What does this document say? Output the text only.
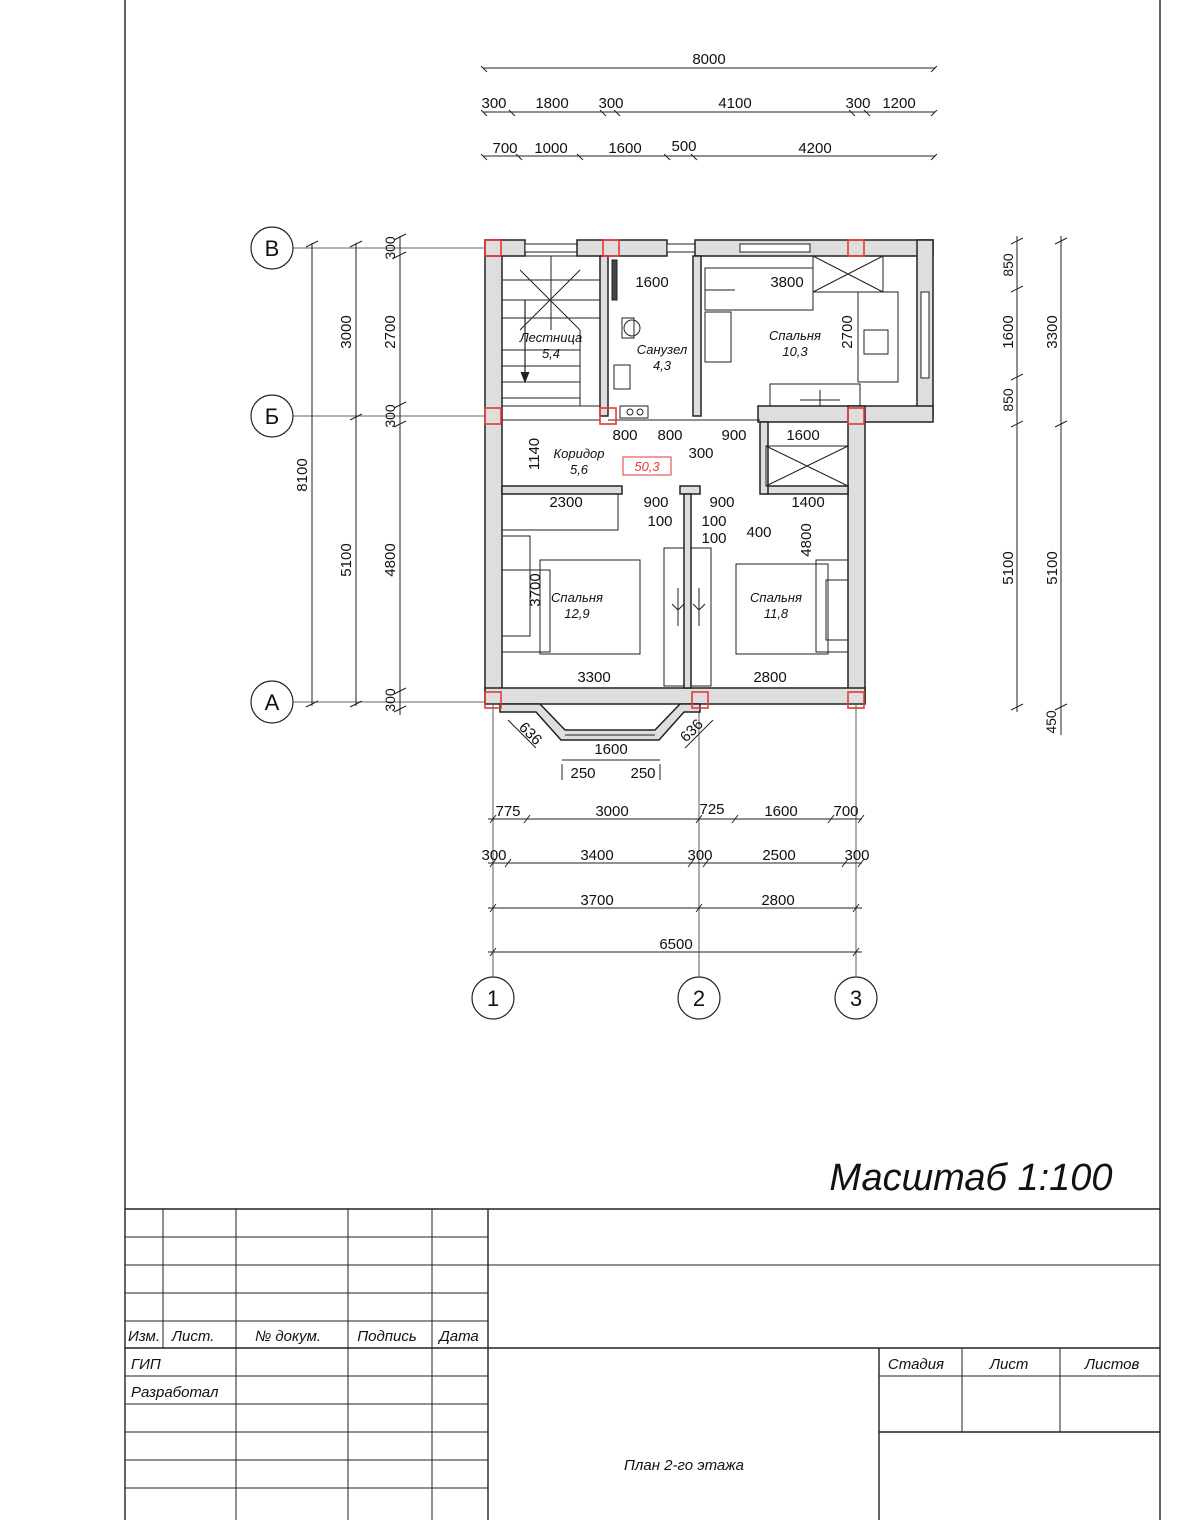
8000
300 1800 300	4100	300 1200
700 1000	1600 500	4200
В
Б
А
1	2	3
8100
3000
5100
300
2700
300
4800
300
850
1600
850
5100
450
3300
5100
50,3
Лестница
5,4	Санузел
4,3
Спальня
10,3
Коридор
5,6
Спальня
12,9
Спальня
11,8
1600	3800
2700
800 800	900	1600
300
1140
2300	900	900	1400
100 100
100 400 4800
3700
3300	2800
1600
250 250
636	636
775	3000	725	1600 700
300	3400	300	2500	300
3700	2800
6500
Масштаб 1:100
Изм. Лист.	№ докум. Подпись Дата
ГИП
Разработал
Стадия	Лист	Листов
План 2-го этажа
